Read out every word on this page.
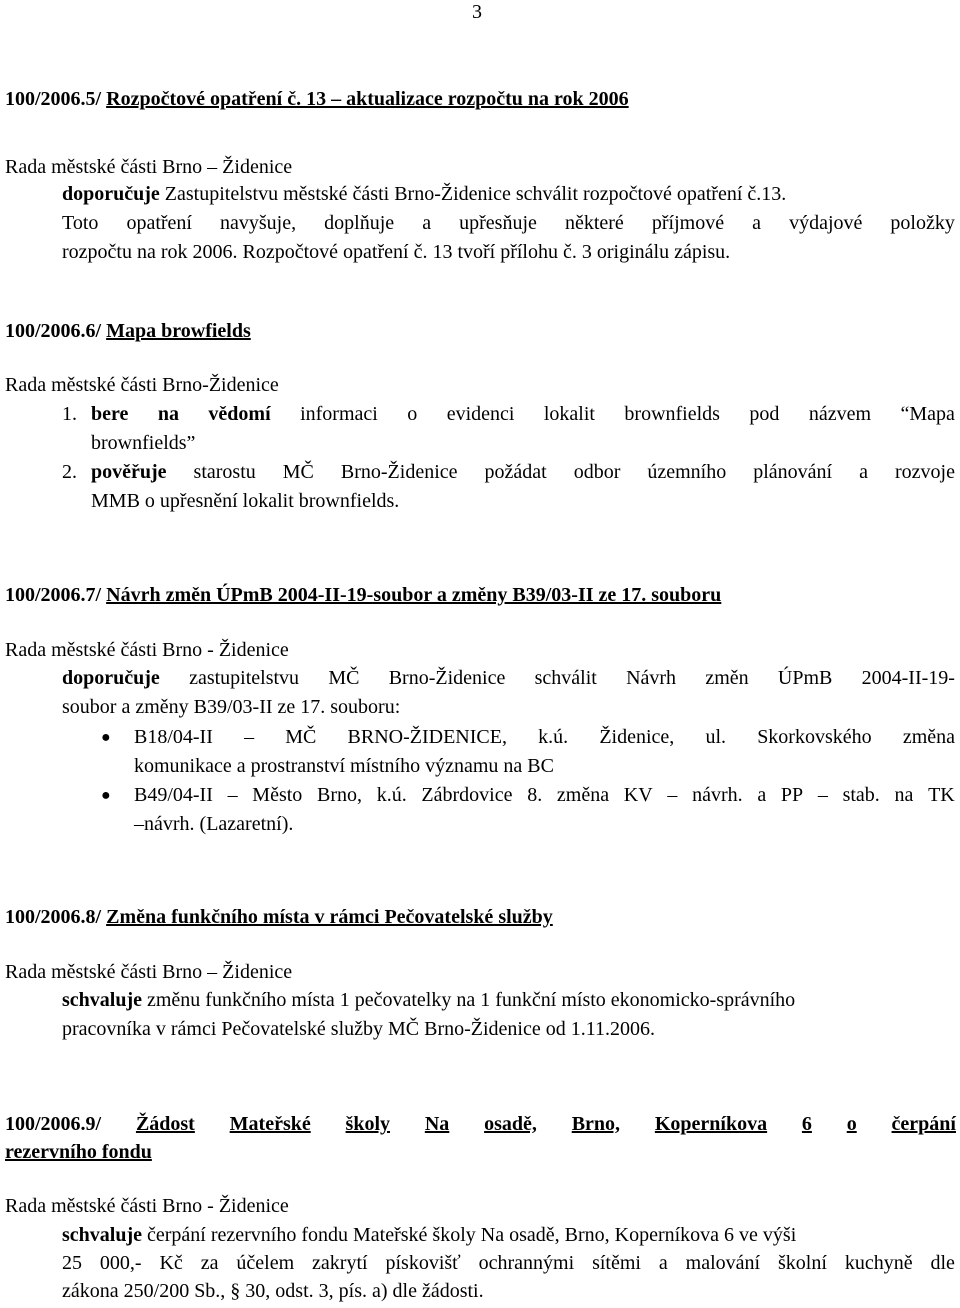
3
100/2006.5/ Rozpočtové opatření č. 13 – aktualizace rozpočtu na rok 2006
Rada městské části Brno – Židenice
doporučuje Zastupitelstvu městské části Brno-Židenice schválit rozpočtové opatření č.13.
Toto opatření navyšuje, doplňuje a upřesňuje některé příjmové a výdajové položky
rozpočtu na rok 2006. Rozpočtové opatření č. 13 tvoří přílohu č. 3 originálu zápisu.
100/2006.6/ Mapa browfields
Rada městské části Brno-Židenice
1. bere na vědomí informaci o evidenci lokalit brownfields pod názvem “Mapa
brownfields”
2. pověřuje starostu MČ Brno-Židenice požádat odbor územního plánování a rozvoje
MMB o upřesnění lokalit brownfields.
100/2006.7/ Návrh změn ÚPmB 2004-II-19-soubor a změny B39/03-II ze 17. souboru
Rada městské části Brno - Židenice
doporučuje zastupitelstvu MČ Brno-Židenice schválit Návrh změn ÚPmB 2004-II-19-
soubor a změny B39/03-II ze 17. souboru:
● B18/04-II – MČ BRNO-ŽIDENICE, k.ú. Židenice, ul. Skorkovského změna
komunikace a prostranství místního významu na BC
● B49/04-II – Město Brno, k.ú. Zábrdovice 8. změna KV – návrh. a PP – stab. na TK
–návrh. (Lazaretní).
100/2006.8/ Změna funkčního místa v rámci Pečovatelské služby
Rada městské části Brno – Židenice
schvaluje změnu funkčního místa 1 pečovatelky na 1 funkční místo ekonomicko-správního
pracovníka v rámci Pečovatelské služby MČ Brno-Židenice od 1.11.2006.
100/2006.9/ Žádost Mateřské školy Na osadě, Brno, Koperníkova 6 o čerpání
rezervního fondu
Rada městské části Brno - Židenice
schvaluje čerpání rezervního fondu Mateřské školy Na osadě, Brno, Koperníkova 6 ve výši
25 000,- Kč za účelem zakrytí pískovišť ochrannými sítěmi a malování školní kuchyně dle
zákona 250/200 Sb., § 30, odst. 3, pís. a) dle žádosti.
